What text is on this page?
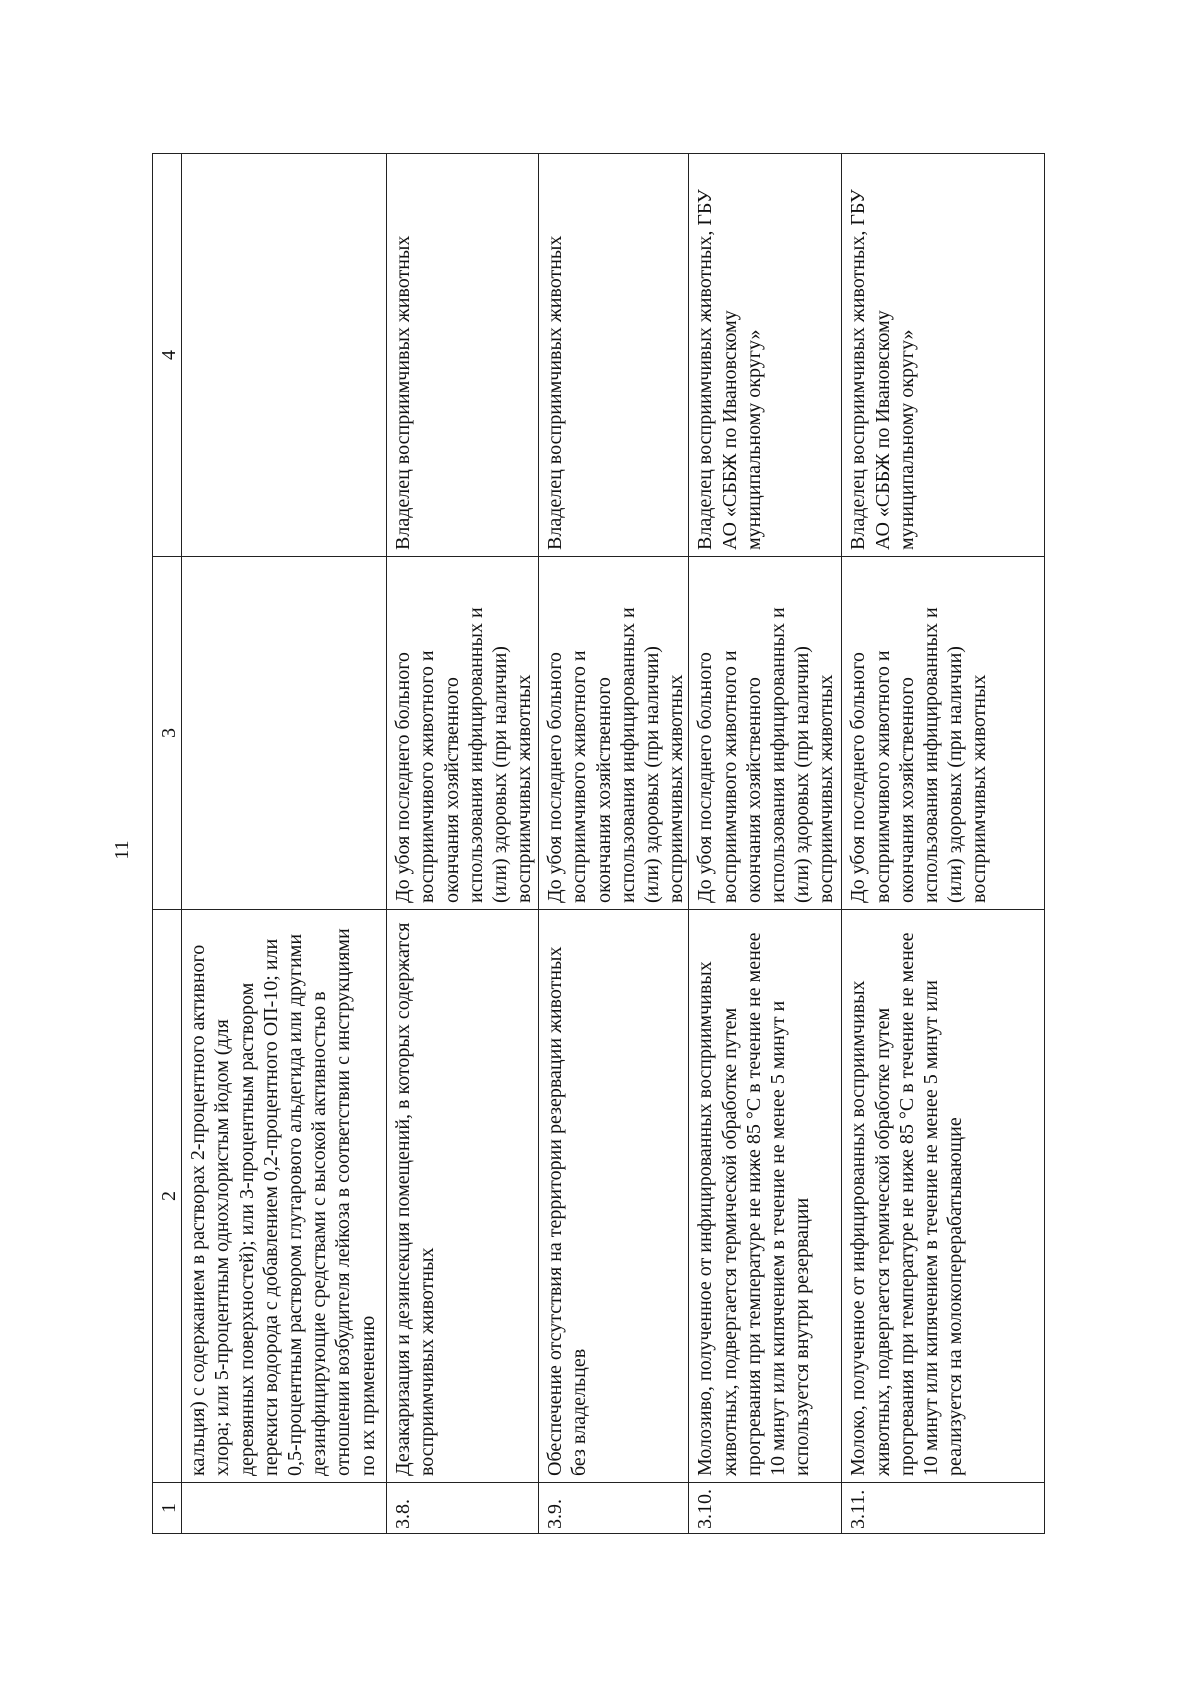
11
1	2	3	4
	кальция) с содержанием в растворах 2-процентного активного хлора; или 5-процентным однохлористым йодом (для деревянных поверхностей); или 3-процентным раствором перекиси водорода с добавлением 0,2-процентного ОП-10; или 0,5-процентным раствором глутарового альдегида или другими дезинфицирующие средствами с высокой активностью в отношении возбудителя лейкоза в соответствии с инструкциями по их применению		
3.8.	Дезакаризация и дезинсекция помещений, в которых содержатся восприимчивых животных	До убоя последнего больного восприимчивого животного и окончания хозяйственного использования инфицированных и (или) здоровых (при наличии) восприимчивых животных	Владелец восприимчивых животных
3.9.	Обеспечение отсутствия на территории резервации животных без владельцев	До убоя последнего больного восприимчивого животного и окончания хозяйственного использования инфицированных и (или) здоровых (при наличии) восприимчивых животных	Владелец восприимчивых животных
3.10.	Молозиво, полученное от инфицированных восприимчивых животных, подвергается термической обработке путем прогревания при температуре не ниже 85 °С в течение не менее 10 минут или кипячением в течение не менее 5 минут и используется внутри резервации	До убоя последнего больного восприимчивого животного и окончания хозяйственного использования инфицированных и (или) здоровых (при наличии) восприимчивых животных	Владелец восприимчивых животных, ГБУ АО «СББЖ по Ивановскому муниципальному округу»
3.11.	Молоко, полученное от инфицированных восприимчивых животных, подвергается термической обработке путем прогревания при температуре не ниже 85 °С в течение не менее 10 минут или кипячением в течение не менее 5 минут или реализуется на молокоперерабатывающие	До убоя последнего больного восприимчивого животного и окончания хозяйственного использования инфицированных и (или) здоровых (при наличии) восприимчивых животных	Владелец восприимчивых животных, ГБУ АО «СББЖ по Ивановскому муниципальному округу»
